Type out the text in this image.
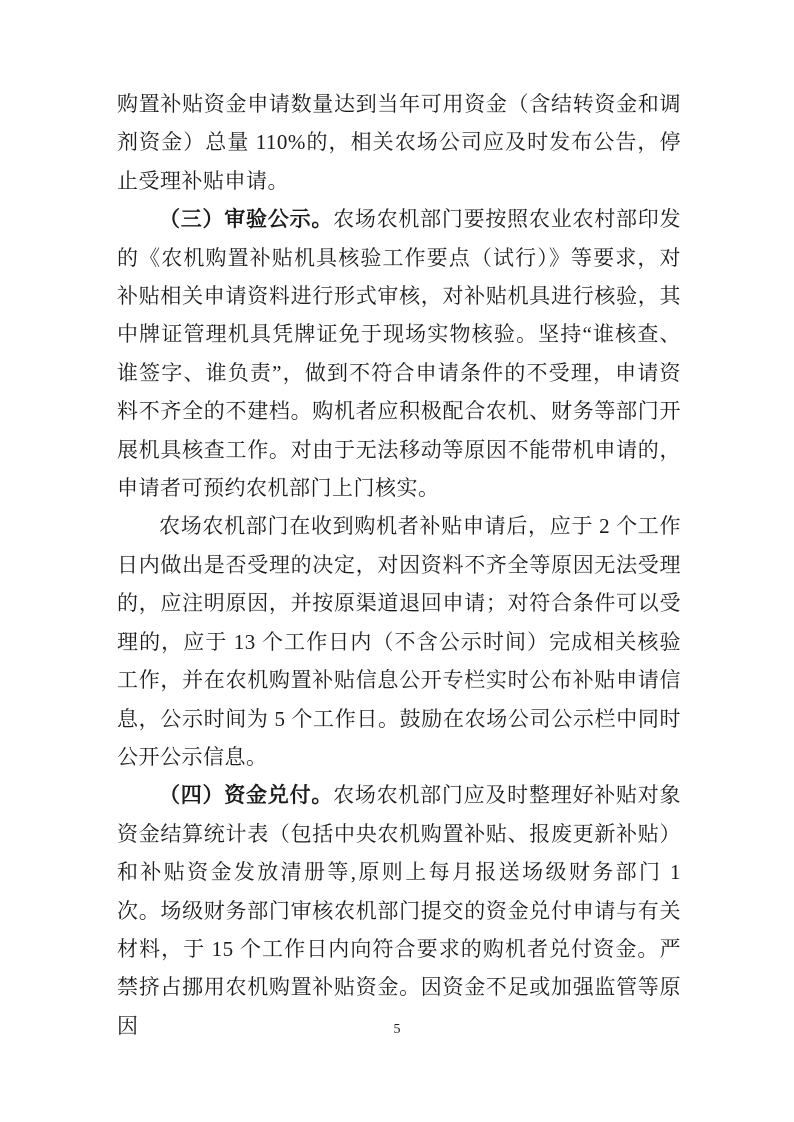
购置补贴资金申请数量达到当年可用资金（含结转资金和调剂资金）总量 110%的，相关农场公司应及时发布公告，停止受理补贴申请。

（三）审验公示。农场农机部门要按照农业农村部印发的《农机购置补贴机具核验工作要点（试行）》等要求，对补贴相关申请资料进行形式审核，对补贴机具进行核验，其中牌证管理机具凭牌证免于现场实物核验。坚持“谁核查、谁签字、谁负责”，做到不符合申请条件的不受理，申请资料不齐全的不建档。购机者应积极配合农机、财务等部门开展机具核查工作。对由于无法移动等原因不能带机申请的，申请者可预约农机部门上门核实。

农场农机部门在收到购机者补贴申请后，应于 2 个工作日内做出是否受理的决定，对因资料不齐全等原因无法受理的，应注明原因，并按原渠道退回申请；对符合条件可以受理的，应于 13 个工作日内（不含公示时间）完成相关核验工作，并在农机购置补贴信息公开专栏实时公布补贴申请信息，公示时间为 5 个工作日。鼓励在农场公司公示栏中同时公开公示信息。

（四）资金兑付。农场农机部门应及时整理好补贴对象资金结算统计表（包括中央农机购置补贴、报废更新补贴）和补贴资金发放清册等,原则上每月报送场级财务部门 1 次。场级财务部门审核农机部门提交的资金兑付申请与有关材料，于 15 个工作日内向符合要求的购机者兑付资金。严禁挤占挪用农机购置补贴资金。因资金不足或加强监管等原因	5
